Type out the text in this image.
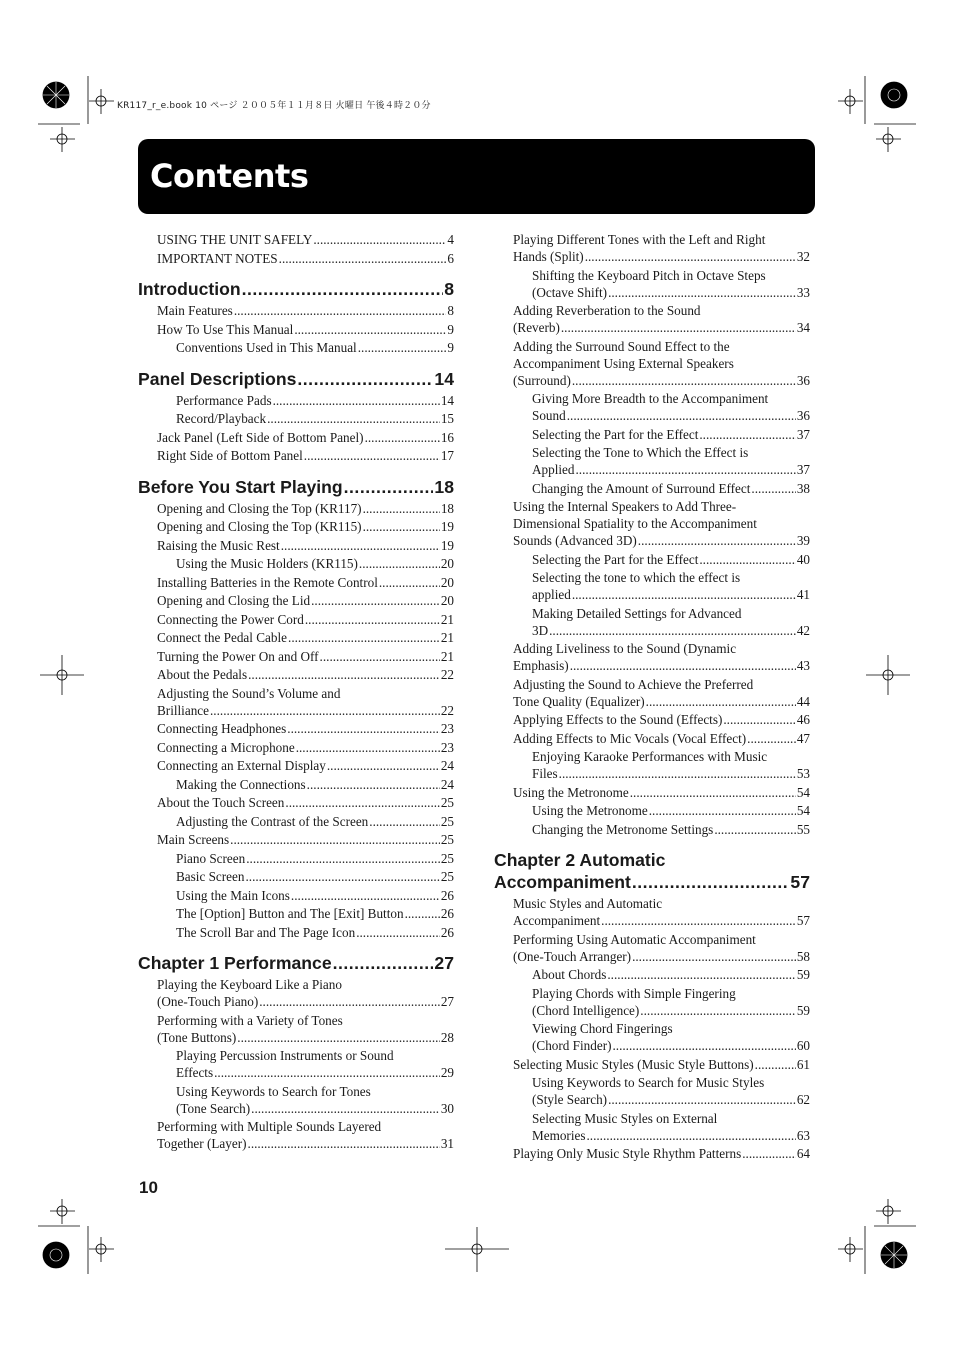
KR117_r_e.book 10 ページ ２００５年１１月８日 火曜日 午後４時２０分
Contents
USING THE UNIT SAFELY .....	4
IMPORTANT NOTES .....	6
Introduction .....	8
Main Features .....	8
How To Use This Manual .....	9
Conventions Used in This Manual .....	9
Panel Descriptions .....	14
Performance Pads .....	14
Record/Playback .....	15
Jack Panel (Left Side of Bottom Panel) .....	16
Right Side of Bottom Panel .....	17
Before You Start Playing .....	18
Opening and Closing the Top (KR117) .....	18
Opening and Closing the Top (KR115) .....	19
Raising the Music Rest .....	19
Using the Music Holders (KR115) .....	20
Installing Batteries in the Remote Control .....	20
Opening and Closing the Lid .....	20
Connecting the Power Cord .....	21
Connect the Pedal Cable .....	21
Turning the Power On and Off .....	21
About the Pedals .....	22
Adjusting the Sound’s Volume and
Brilliance .....	22
Connecting Headphones .....	23
Connecting a Microphone .....	23
Connecting an External Display .....	24
Making the Connections .....	24
About the Touch Screen .....	25
Adjusting the Contrast of the Screen .....	25
Main Screens .....	25
Piano Screen .....	25
Basic Screen .....	25
Using the Main Icons .....	26
The [Option] Button and The [Exit] Button .....	26
The Scroll Bar and The Page Icon .....	26
Chapter 1 Performance .....	27
Playing the Keyboard Like a Piano
(One-Touch Piano) .....	27
Performing with a Variety of Tones
(Tone Buttons) .....	28
Playing Percussion Instruments or Sound
Effects .....	29
Using Keywords to Search for Tones
(Tone Search) .....	30
Performing with Multiple Sounds Layered
Together (Layer) .....	31
Playing Different Tones with the Left and Right
Hands (Split) .....	32
Shifting the Keyboard Pitch in Octave Steps
(Octave Shift) .....	33
Adding Reverberation to the Sound
(Reverb) .....	34
Adding the Surround Sound Effect to the
Accompaniment Using External Speakers
(Surround) .....	36
Giving More Breadth to the Accompaniment
Sound .....	36
Selecting the Part for the Effect .....	37
Selecting the Tone to Which the Effect is
Applied .....	37
Changing the Amount of Surround Effect .....	38
Using the Internal Speakers to Add Three-
Dimensional Spatiality to the Accompaniment
Sounds (Advanced 3D) .....	39
Selecting the Part for the Effect .....	40
Selecting the tone to which the effect is
applied .....	41
Making Detailed Settings for Advanced
3D .....	42
Adding Liveliness to the Sound (Dynamic
Emphasis) .....	43
Adjusting the Sound to Achieve the Preferred
Tone Quality (Equalizer) .....	44
Applying Effects to the Sound (Effects) .....	46
Adding Effects to Mic Vocals (Vocal Effect) .....	47
Enjoying Karaoke Performances with Music
Files .....	53
Using the Metronome .....	54
Using the Metronome .....	54
Changing the Metronome Settings .....	55
Chapter 2 Automatic
Accompaniment .....	57
Music Styles and Automatic
Accompaniment .....	57
Performing Using Automatic Accompaniment
(One-Touch Arranger) .....	58
About Chords .....	59
Playing Chords with Simple Fingering
(Chord Intelligence) .....	59
Viewing Chord Fingerings
(Chord Finder) .....	60
Selecting Music Styles (Music Style Buttons) .....	61
Using Keywords to Search for Music Styles
(Style Search) .....	62
Selecting Music Styles on External
Memories .....	63
Playing Only Music Style Rhythm Patterns .....	64
10
